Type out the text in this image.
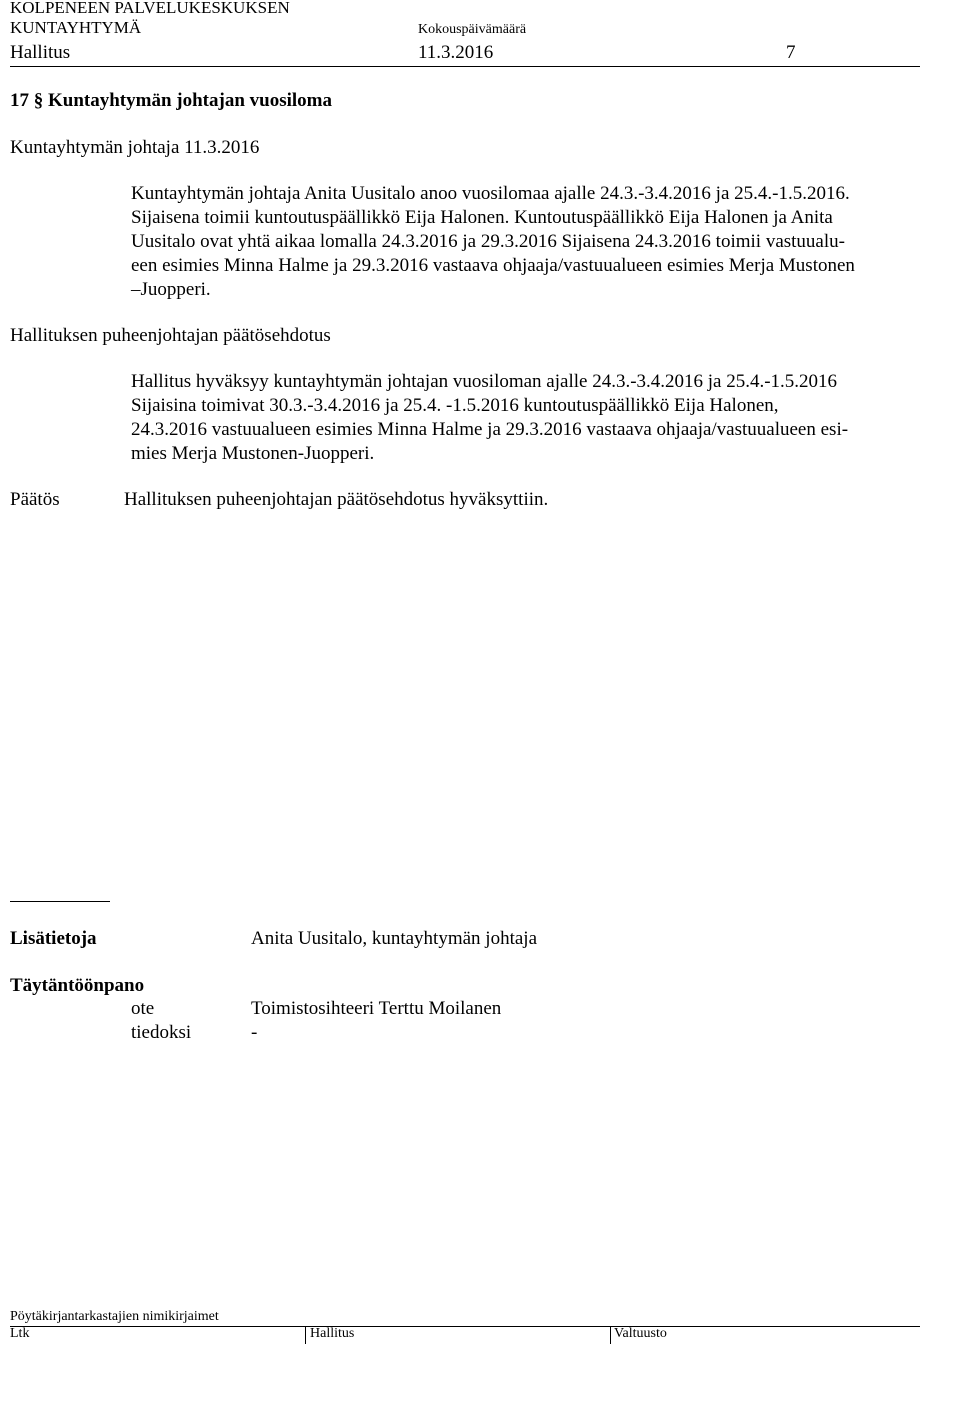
KOLPENEEN PALVELUKESKUKSEN
KUNTAYHTYMÄ	Kokouspäivämäärä
Hallitus	11.3.2016	7
17 § Kuntayhtymän johtajan vuosiloma
Kuntayhtymän johtaja 11.3.2016
Kuntayhtymän johtaja Anita Uusitalo anoo vuosilomaa ajalle 24.3.-3.4.2016 ja 25.4.-1.5.2016.
Sijaisena toimii kuntoutuspäällikkö Eija Halonen. Kuntoutuspäällikkö Eija Halonen ja Anita
Uusitalo ovat yhtä aikaa lomalla 24.3.2016 ja 29.3.2016 Sijaisena 24.3.2016 toimii vastuualu-
een esimies Minna Halme ja 29.3.2016 vastaava ohjaaja/vastuualueen esimies Merja Mustonen
–Juopperi.
Hallituksen puheenjohtajan päätösehdotus
Hallitus hyväksyy kuntayhtymän johtajan vuosiloman ajalle 24.3.-3.4.2016 ja 25.4.-1.5.2016
Sijaisina toimivat 30.3.-3.4.2016 ja 25.4. -1.5.2016 kuntoutuspäällikkö Eija Halonen,
24.3.2016 vastuualueen esimies Minna Halme ja 29.3.2016 vastaava ohjaaja/vastuualueen esi-
mies Merja Mustonen-Juopperi.
Päätös	Hallituksen puheenjohtajan päätösehdotus hyväksyttiin.
Lisätietoja	Anita Uusitalo, kuntayhtymän johtaja
Täytäntöönpano
ote	Toimistosihteeri Terttu Moilanen
tiedoksi	-
Pöytäkirjantarkastajien nimikirjaimet
Ltk	Hallitus	Valtuusto
